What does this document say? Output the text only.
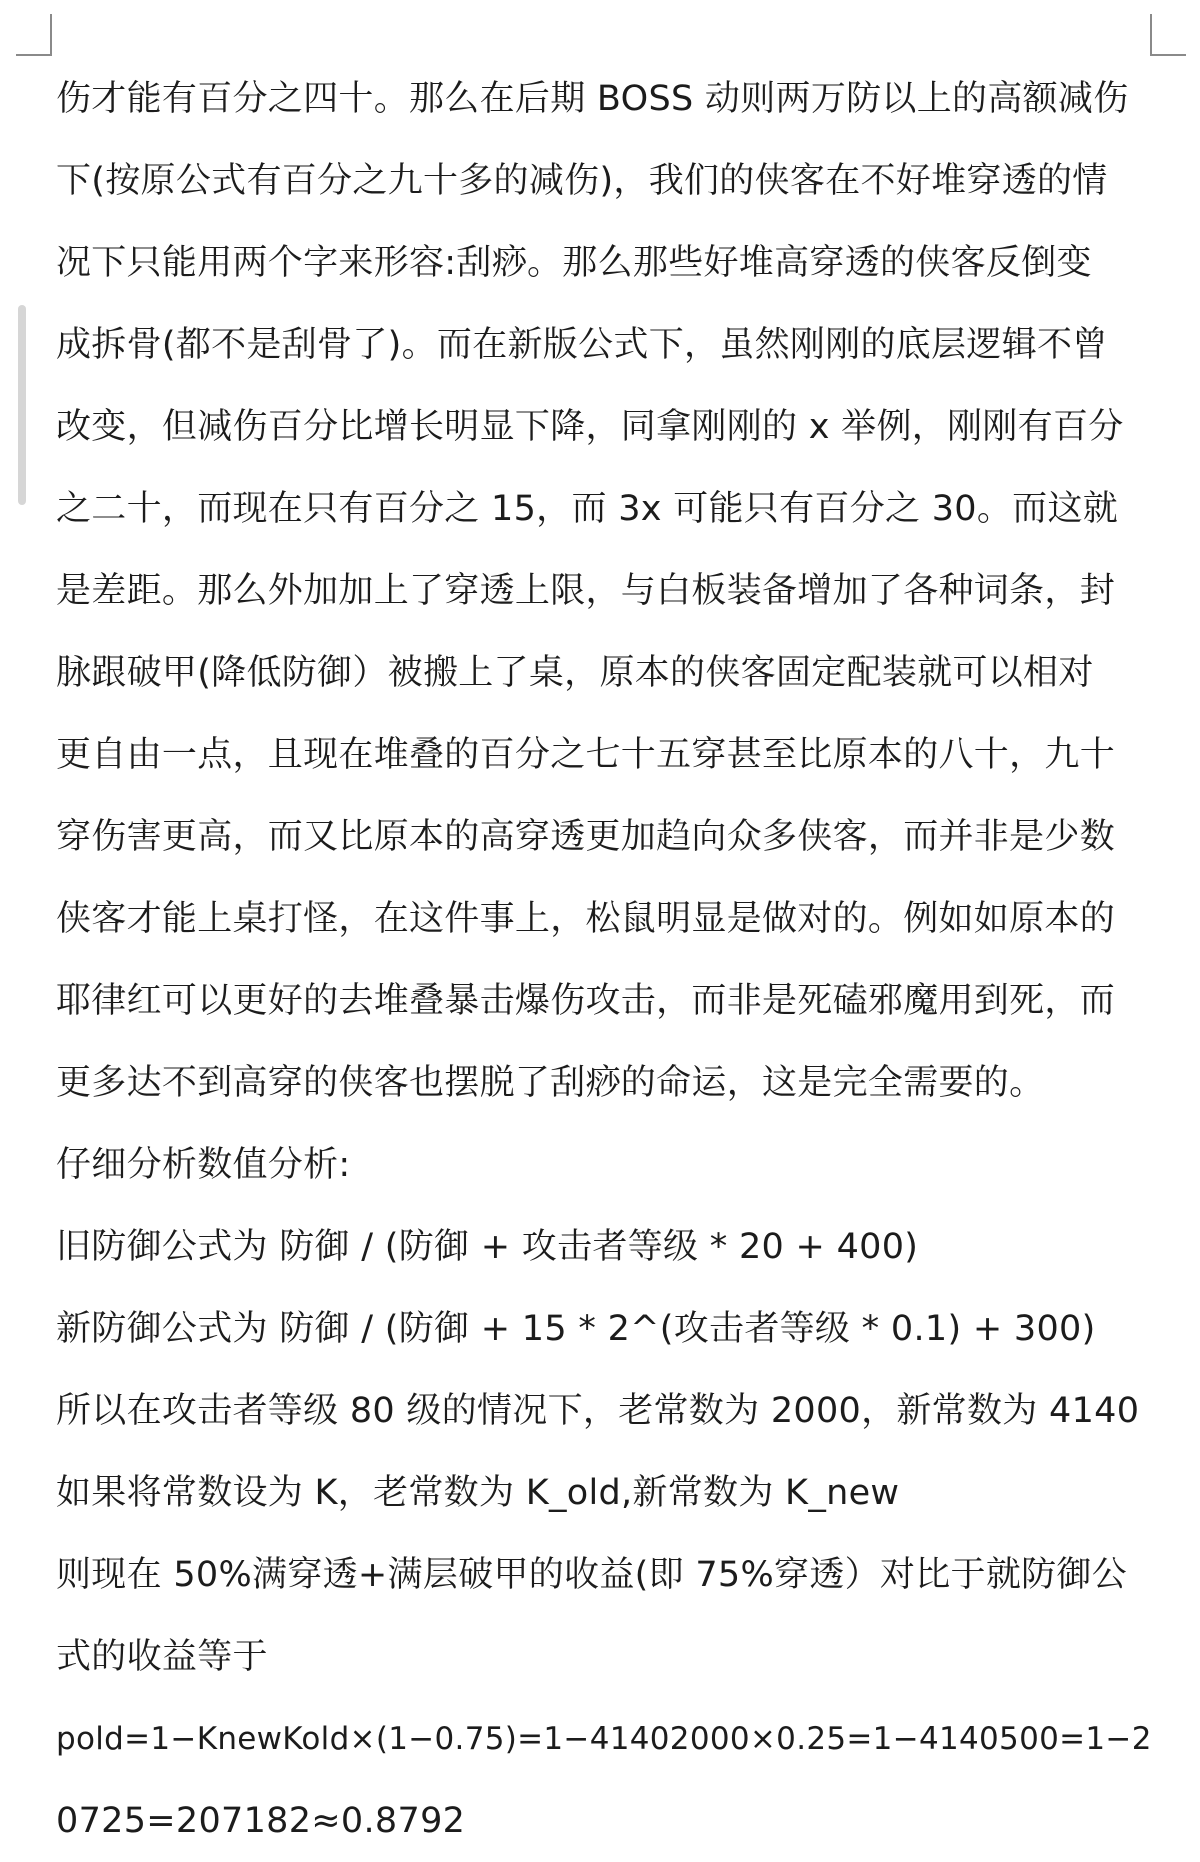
伤才能有百分之四十。那么在后期 BOSS 动则两万防以上的高额减伤
下(按原公式有百分之九十多的减伤)，我们的侠客在不好堆穿透的情
况下只能用两个字来形容:刮痧。那么那些好堆高穿透的侠客反倒变
成拆骨(都不是刮骨了)。而在新版公式下，虽然刚刚的底层逻辑不曾
改变，但减伤百分比增长明显下降，同拿刚刚的 x 举例，刚刚有百分
之二十，而现在只有百分之 15，而 3x 可能只有百分之 30。而这就
是差距。那么外加加上了穿透上限，与白板装备增加了各种词条，封
脉跟破甲(降低防御）被搬上了桌，原本的侠客固定配装就可以相对
更自由一点，且现在堆叠的百分之七十五穿甚至比原本的八十，九十
穿伤害更高，而又比原本的高穿透更加趋向众多侠客，而并非是少数
侠客才能上桌打怪，在这件事上，松鼠明显是做对的。例如如原本的
耶律红可以更好的去堆叠暴击爆伤攻击，而非是死磕邪魔用到死，而
更多达不到高穿的侠客也摆脱了刮痧的命运，这是完全需要的。
仔细分析数值分析:
旧防御公式为 防御 / (防御 + 攻击者等级 * 20 + 400)
新防御公式为 防御 / (防御 + 15 * 2^(攻击者等级 * 0.1) + 300)
所以在攻击者等级 80 级的情况下，老常数为 2000，新常数为 4140
如果将常数设为 K，老常数为 K_old,新常数为 K_new
则现在 50%满穿透+满层破甲的收益(即 75%穿透）对比于就防御公
式的收益等于
pold=1−KnewKold×(1−0.75)=1−41402000×0.25=1−4140500=1−2
0725=207182≈0.8792
